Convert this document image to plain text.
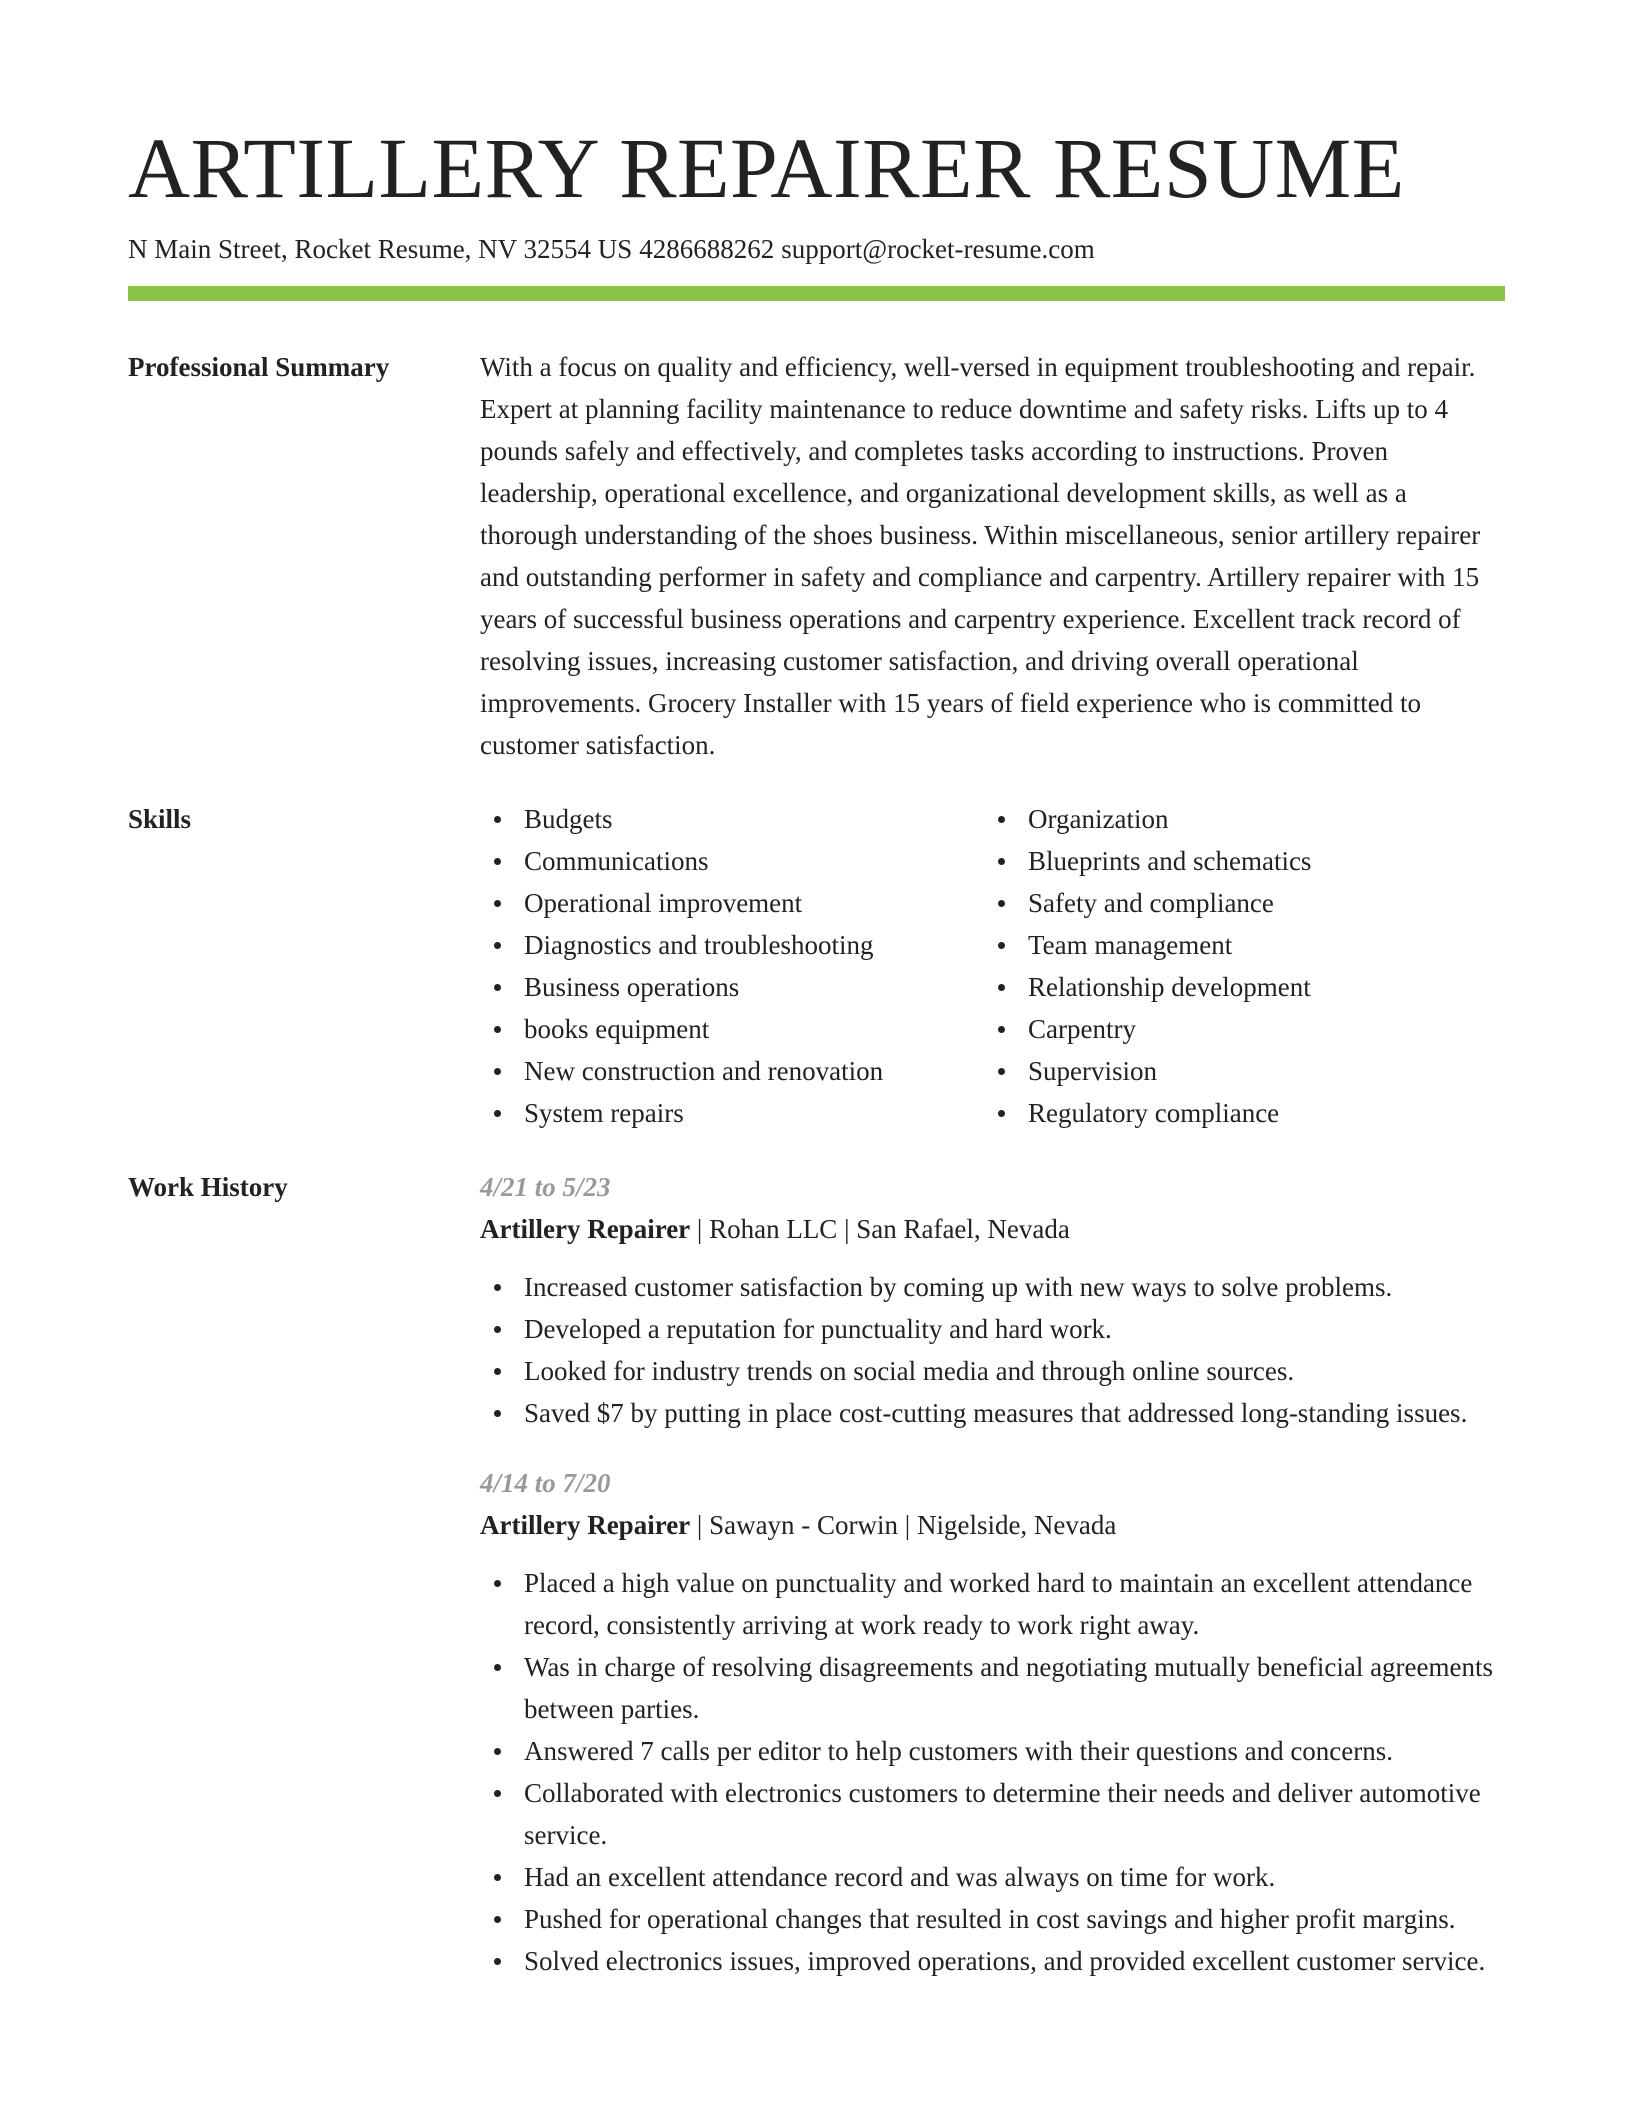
ARTILLERY REPAIRER RESUME
N Main Street, Rocket Resume, NV 32554 US 4286688262 support@rocket-resume.com
Professional Summary	With a focus on quality and efficiency, well-versed in equipment troubleshooting and repair. Expert at planning facility maintenance to reduce downtime and safety risks. Lifts up to 4 pounds safely and effectively, and completes tasks according to instructions. Proven leadership, operational excellence, and organizational development skills, as well as a thorough understanding of the shoes business. Within miscellaneous, senior artillery repairer and outstanding performer in safety and compliance and carpentry. Artillery repairer with 15 years of successful business operations and carpentry experience. Excellent track record of resolving issues, increasing customer satisfaction, and driving overall operational improvements. Grocery Installer with 15 years of field experience who is committed to customer satisfaction.

Skills	Budgets
Communications
Operational improvement
Diagnostics and troubleshooting
Business operations
books equipment
New construction and renovation
System repairs
Organization
Blueprints and schematics
Safety and compliance
Team management
Relationship development
Carpentry
Supervision
Regulatory compliance
Work History	4/21 to 5/23
Artillery Repairer | Rohan LLC | San Rafael, Nevada
Increased customer satisfaction by coming up with new ways to solve problems.
Developed a reputation for punctuality and hard work.
Looked for industry trends on social media and through online sources.
Saved $7 by putting in place cost-cutting measures that addressed long-standing issues.
4/14 to 7/20
Artillery Repairer | Sawayn - Corwin | Nigelside, Nevada
Placed a high value on punctuality and worked hard to maintain an excellent attendance record, consistently arriving at work ready to work right away.
Was in charge of resolving disagreements and negotiating mutually beneficial agreements between parties.
Answered 7 calls per editor to help customers with their questions and concerns.
Collaborated with electronics customers to determine their needs and deliver automotive service.
Had an excellent attendance record and was always on time for work.
Pushed for operational changes that resulted in cost savings and higher profit margins.
Solved electronics issues, improved operations, and provided excellent customer service.
